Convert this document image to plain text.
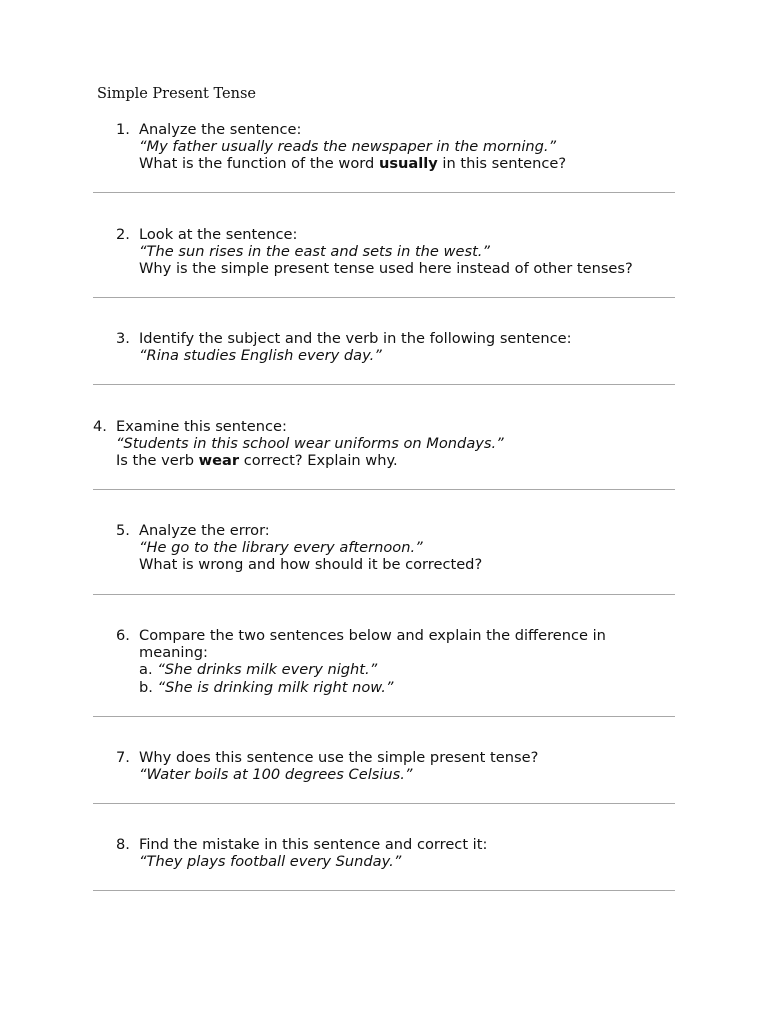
Simple Present Tense
1. Analyze the sentence:
“My father usually reads the newspaper in the morning.”
What is the function of the word usually in this sentence?
2. Look at the sentence:
“The sun rises in the east and sets in the west.”
Why is the simple present tense used here instead of other tenses?
3. Identify the subject and the verb in the following sentence:
“Rina studies English every day.”
4. Examine this sentence:
“Students in this school wear uniforms on Mondays.”
Is the verb wear correct? Explain why.
5. Analyze the error:
“He go to the library every afternoon.”
What is wrong and how should it be corrected?
6. Compare the two sentences below and explain the difference in meaning:
a. “She drinks milk every night.”
b. “She is drinking milk right now.”
7. Why does this sentence use the simple present tense?
“Water boils at 100 degrees Celsius.”
8. Find the mistake in this sentence and correct it:
“They plays football every Sunday.”
